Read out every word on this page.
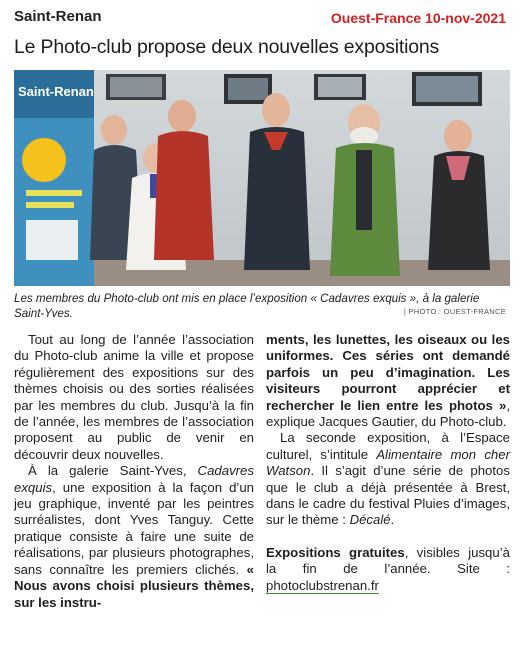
Saint-Renan	Ouest-France 10-nov-2021
Le Photo-club propose deux nouvelles expositions
Saint-Renan

Les membres du Photo-club ont mis en place l’exposition « Cadavres exquis », à la galerie Saint-Yves.	| PHOTO : OUEST-FRANCE

Tout au long de l’année l’association du Photo-club anime la ville et propose régulièrement des expositions sur des thèmes choisis ou des sorties réalisées par les membres du club. Jusqu’à la fin de l’année, les membres de l’association proposent au public de venir en découvrir deux nouvelles.

À la galerie Saint-Yves, Cadavres exquis, une exposition à la façon d’un jeu graphique, inventé par les peintres surréalistes, dont Yves Tanguy. Cette pratique consiste à faire une suite de réalisations, par plusieurs photographes, sans connaître les premiers clichés. « Nous avons choisi plusieurs thèmes, sur les instru-

ments, les lunettes, les oiseaux ou les uniformes. Ces séries ont demandé parfois un peu d’imagination. Les visiteurs pourront apprécier et rechercher le lien entre les photos », explique Jacques Gautier, du Photo-club.

La seconde exposition, à l’Espace culturel, s’intitule Alimentaire mon cher Watson. Il s’agit d’une série de photos que le club a déjà présentée à Brest, dans le cadre du festival Pluies d’images, sur le thème : Décalé.

Expositions gratuites, visibles jusqu’à la fin de l’année. Site : photoclubstrenan.fr
